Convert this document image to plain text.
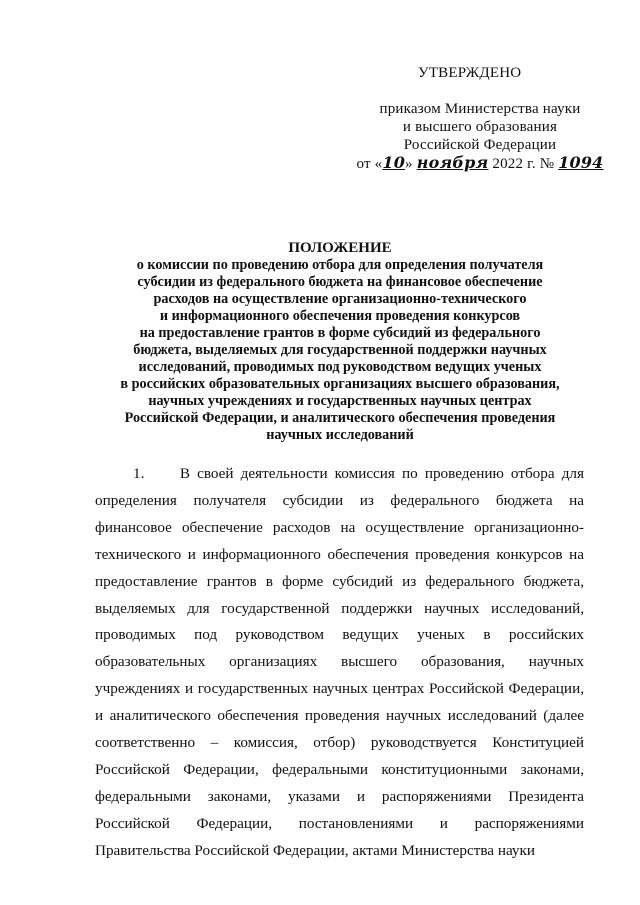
УТВЕРЖДЕНО
приказом Министерства науки
и высшего образования
Российской Федерации
от «10» ноября 2022 г. № 1094
ПОЛОЖЕНИЕ
о комиссии по проведению отбора для определения получателя
субсидии из федерального бюджета на финансовое обеспечение
расходов на осуществление организационно-технического
и информационного обеспечения проведения конкурсов
на предоставление грантов в форме субсидий из федерального
бюджета, выделяемых для государственной поддержки научных
исследований, проводимых под руководством ведущих ученых
в российских образовательных организациях высшего образования,
научных учреждениях и государственных научных центрах
Российской Федерации, и аналитического обеспечения проведения
научных исследований

1. В своей деятельности комиссия по проведению отбора для определения получателя субсидии из федерального бюджета на финансовое обеспечение расходов на осуществление организационно-технического и информационного обеспечения проведения конкурсов на предоставление грантов в форме субсидий из федерального бюджета, выделяемых для государственной поддержки научных исследований, проводимых под руководством ведущих ученых в российских образовательных организациях высшего образования, научных учреждениях и государственных научных центрах Российской Федерации, и аналитического обеспечения проведения научных исследований (далее соответственно – комиссия, отбор) руководствуется Конституцией Российской Федерации, федеральными конституционными законами, федеральными законами, указами и распоряжениями Президента Российской Федерации, постановлениями и распоряжениями Правительства Российской Федерации, актами Министерства науки
